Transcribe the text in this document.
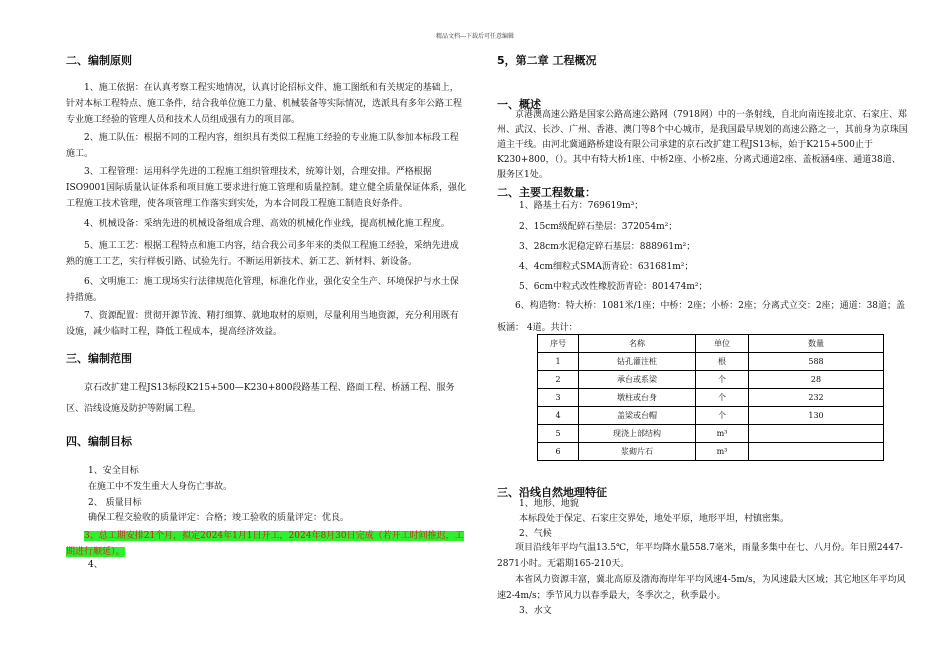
精品文档---下载后可任意编辑
二、编制原则
1、施工依据：在认真考察工程实地情况，认真讨论招标文件、施工图纸和有关规定的基础上，针对本标工程特点、施工条件，结合我单位施工力量、机械装备等实际情况，选派具有多年公路工程专业施工经验的管理人员和技术人员组成强有力的项目部。
2、施工队伍：根据不同的工程内容，组织具有类似工程施工经验的专业施工队参加本标段工程施工。
3、工程管理：运用科学先进的工程施工组织管理技术，统筹计划，合理安排。严格根据ISO9001国际质量认证体系和项目施工要求进行施工管理和质量控制。建立健全质量保证体系，强化工程施工技术管理，使各项管理工作落实到实处，为本合同段工程施工制造良好条件。
4、机械设备：采纳先进的机械设备组成合理、高效的机械化作业线，提高机械化施工程度。
5、施工工艺：根据工程特点和施工内容，结合我公司多年来的类似工程施工经验，采纳先进成熟的施工工艺，实行样板引路、试验先行。不断运用新技术、新工艺、新材料、新设备。
6、文明施工：施工现场实行法律规范化管理，标准化作业，强化安全生产、环境保护与水土保持措施。
7、资源配置：贯彻开源节流、精打细算、就地取材的原则，尽量利用当地资源，充分利用既有设施，减少临时工程，降低工程成本，提高经济效益。
三、编制范围
京石改扩建工程JS13标段K215+500—K230+800段路基工程、路面工程、桥涵工程、服务区、沿线设施及防护等附属工程。
四、编制目标
1、安全目标
在施工中不发生重大人身伤亡事故。
2、 质量目标
确保工程交验收的质量评定：合格；竣工验收的质量评定：优良。
3、总工期安排21个月，拟定2024年1月1日开工，2024年8月30日完成（若开工时间推迟，工期进行顺延）。
4、
5，第二章 工程概况
一、概述
京港澳高速公路是国家公路高速公路网（7918网）中的一条射线，自北向南连接北京、石家庄、郑州、武汉、长沙、广州、香港、澳门等8个中心城市，是我国最早规划的高速公路之一，其前身为京珠国道主干线。由河北冀通路桥建设有限公司承建的京石改扩建工程JS13标，始于K215+500止于K230+800，（）。其中有特大桥1座、中桥2座、小桥2座、分离式通道2座、盖板涵4座、通道38道、服务区1处。
二、主要工程数量：
1、路基土石方：769619m³；
2、15cm级配碎石垫层：372054m²；
3、28cm水泥稳定碎石基层：888961m²；
4、4cm细粒式SMA沥青砼：631681m²；
5、6cm中粒式改性橡胶沥青砼：801474m²；
6、构造物：特大桥：1081米/1座；中桥：2座；小桥：2座；分离式立交：2座；通道：38道；盖板涵： 4道。共计：
序号	名称	单位	数量
1	钻孔灌注桩	根	588
2	承台或系梁	个	28
3	墩柱或台身	个	232
4	盖梁或台帽	个	130
5	现浇上部结构	m³	
6	浆砌片石	m³	
三、沿线自然地理特征
1、地形、地貌
本标段处于保定、石家庄交界处，地处平原，地形平坦，村镇密集。
2、气候
项目沿线年平均气温13.5℃，年平均降水量558.7毫米，雨量多集中在七、八月份。年日照2447-2871小时。无霜期165-210天。
本省风力资源丰富，冀北高原及渤海海岸年平均风速4-5m/s，为风速最大区域；其它地区年平均风速2-4m/s；季节风力以春季最大，冬季次之，秋季最小。
3、水文
